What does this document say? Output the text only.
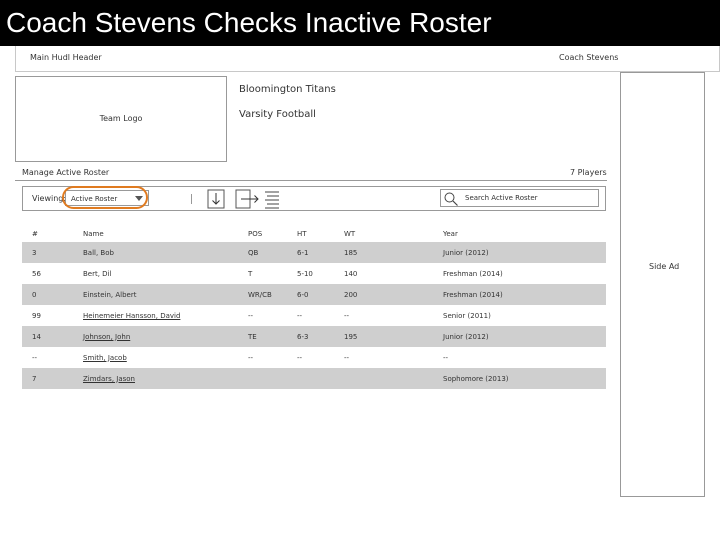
Coach Stevens Checks Inactive Roster
Main Hudl Header	Coach Stevens
Team Logo
Bloomington Titans
Varsity Football
Side Ad
Manage Active Roster	7 Players
Viewing: Active Roster
Search Active Roster
#	Name	POS	HT	WT	Year
3	Ball, Bob	QB	6-1	185	Junior (2012)
56	Bert, Dil	T	5-10	140	Freshman (2014)
0	Einstein, Albert	WR/CB	6-0	200	Freshman (2014)
99	Heinemeier Hansson, David	--	--	--	Senior (2011)
14	Johnson, John	TE	6-3	195	Junior (2012)
--	Smith, Jacob	--	--	--	--
7	Zimdars, Jason				Sophomore (2013)
